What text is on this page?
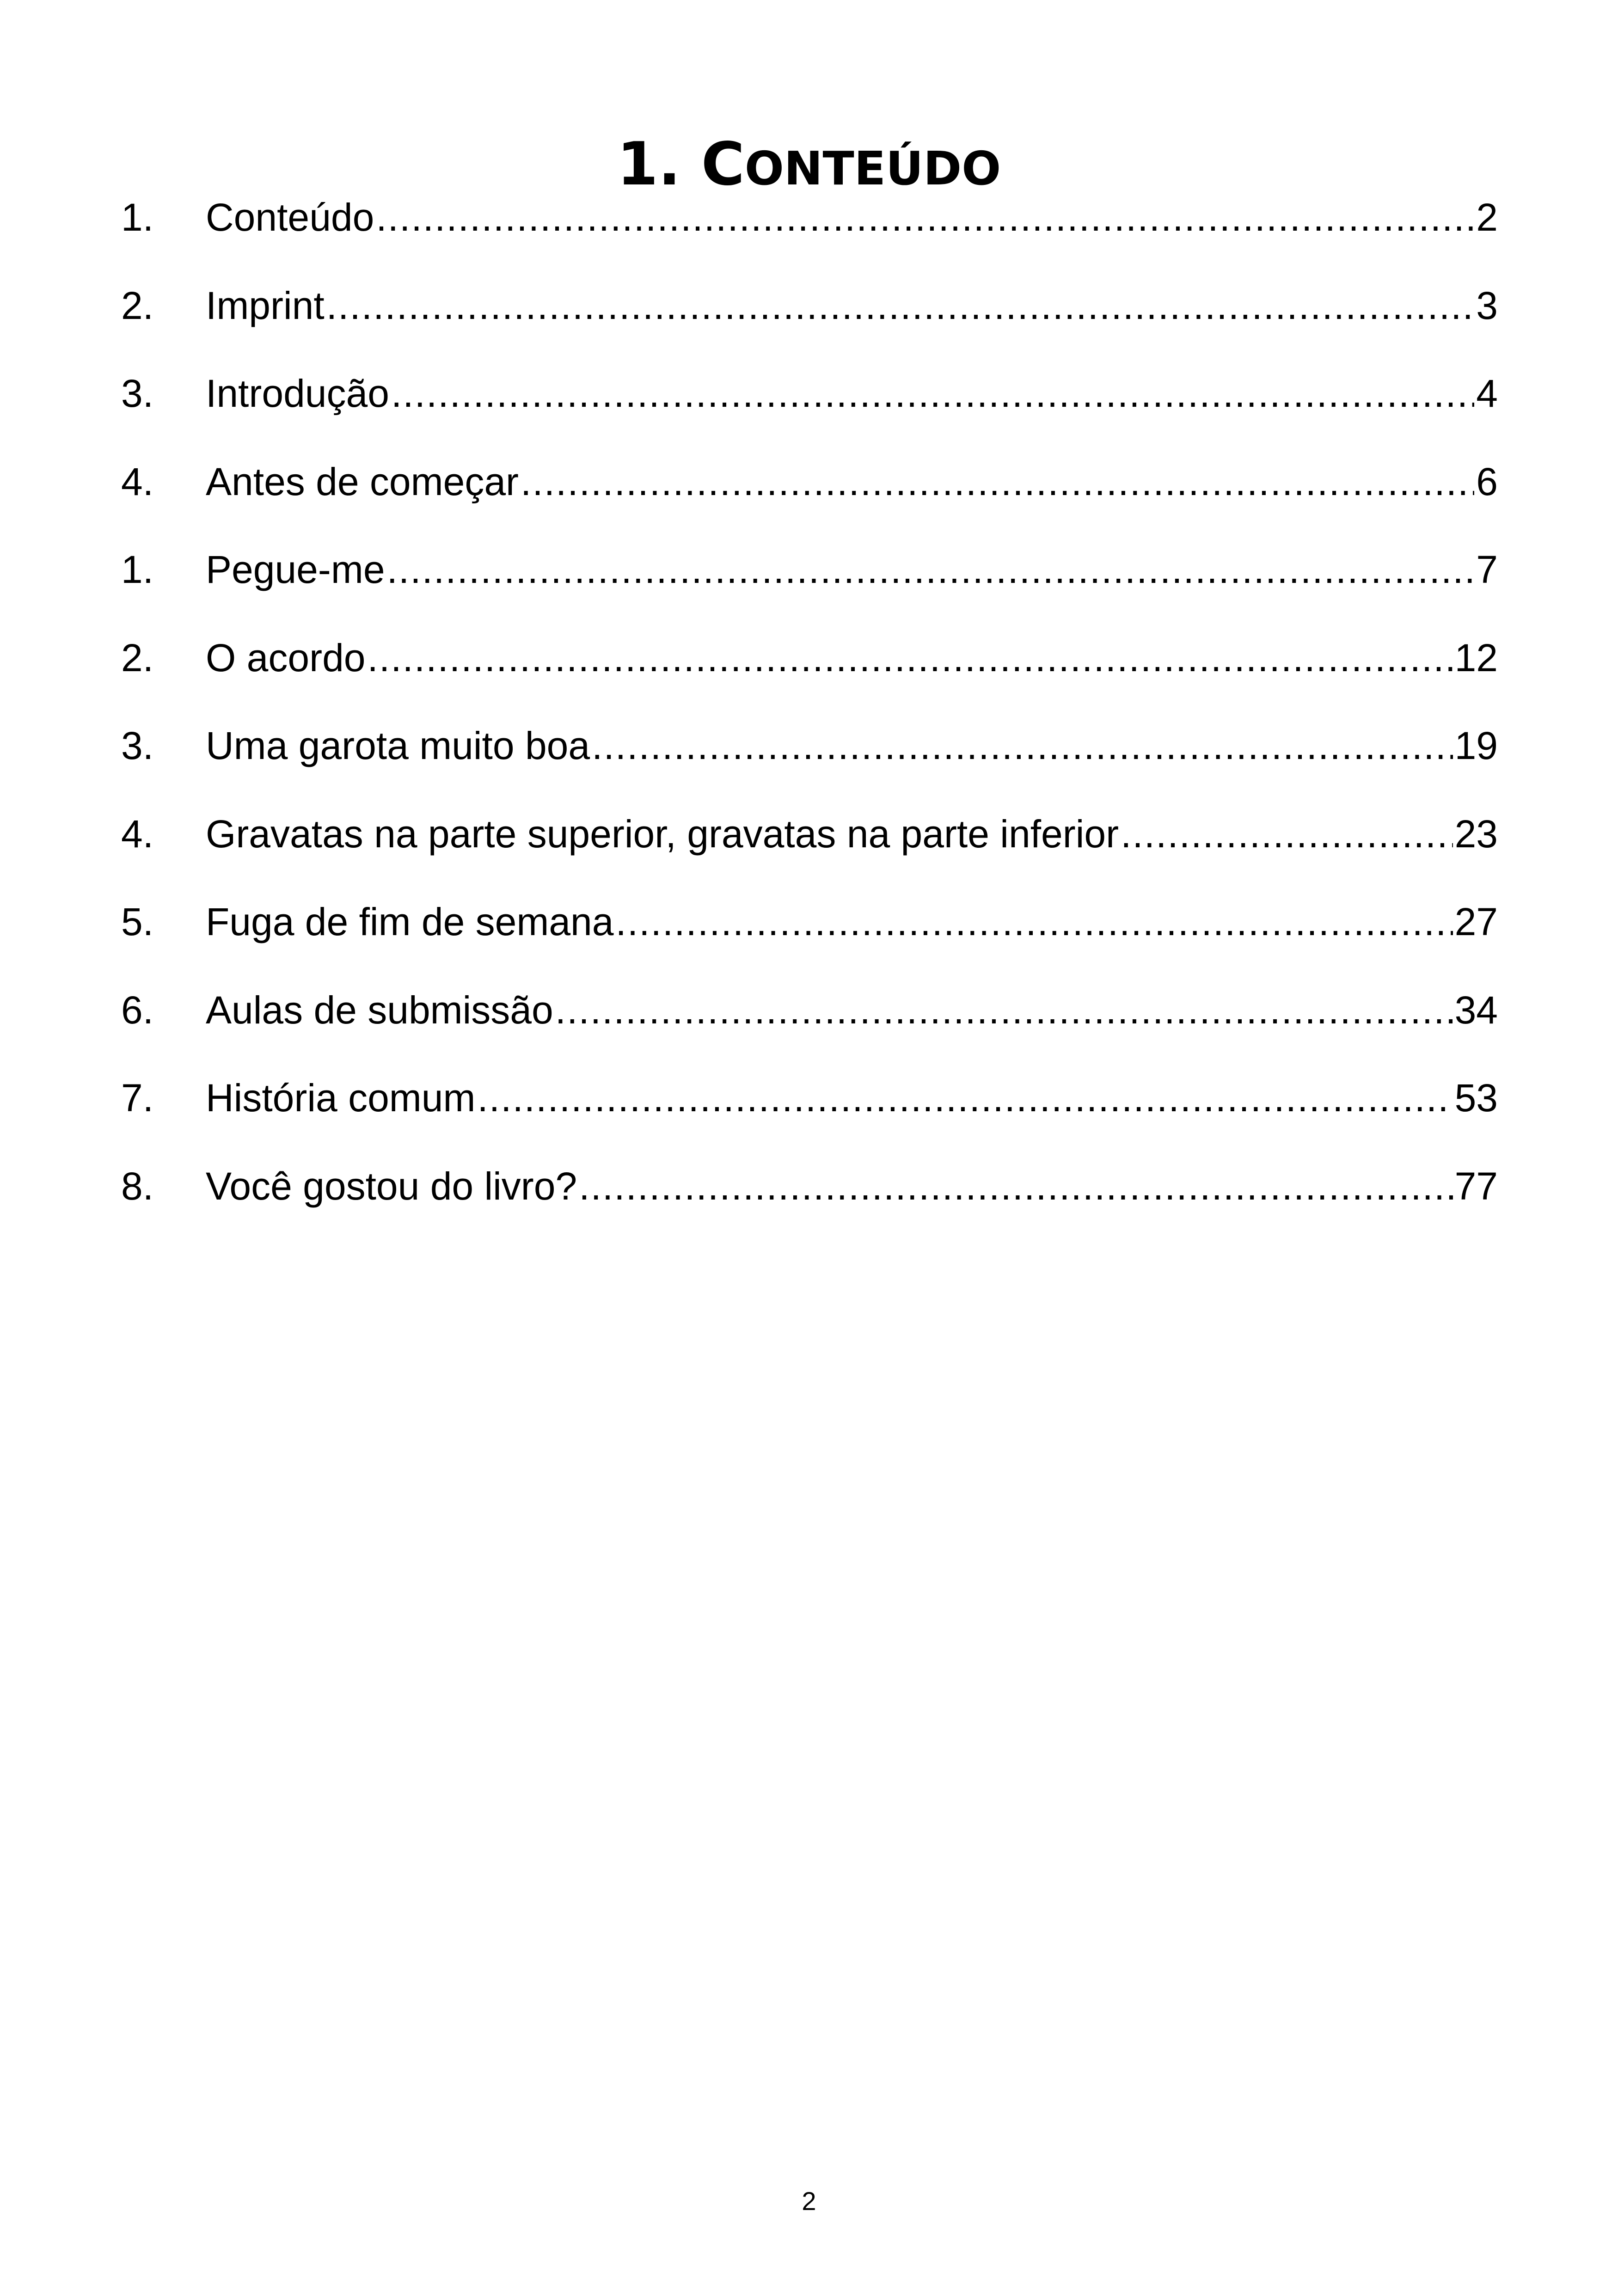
1. CONTEÚDO
1.	Conteúdo .....	2
2.	Imprint .....	3
3.	Introdução .....	4
4.	Antes de começar .....	6
1.	Pegue-me .....	7
2.	O acordo .....	12
3.	Uma garota muito boa .....	19
4.	Gravatas na parte superior, gravatas na parte inferior .....	23
5.	Fuga de fim de semana .....	27
6.	Aulas de submissão .....	34
7.	História comum .....	53
8.	Você gostou do livro? .....	77
2
